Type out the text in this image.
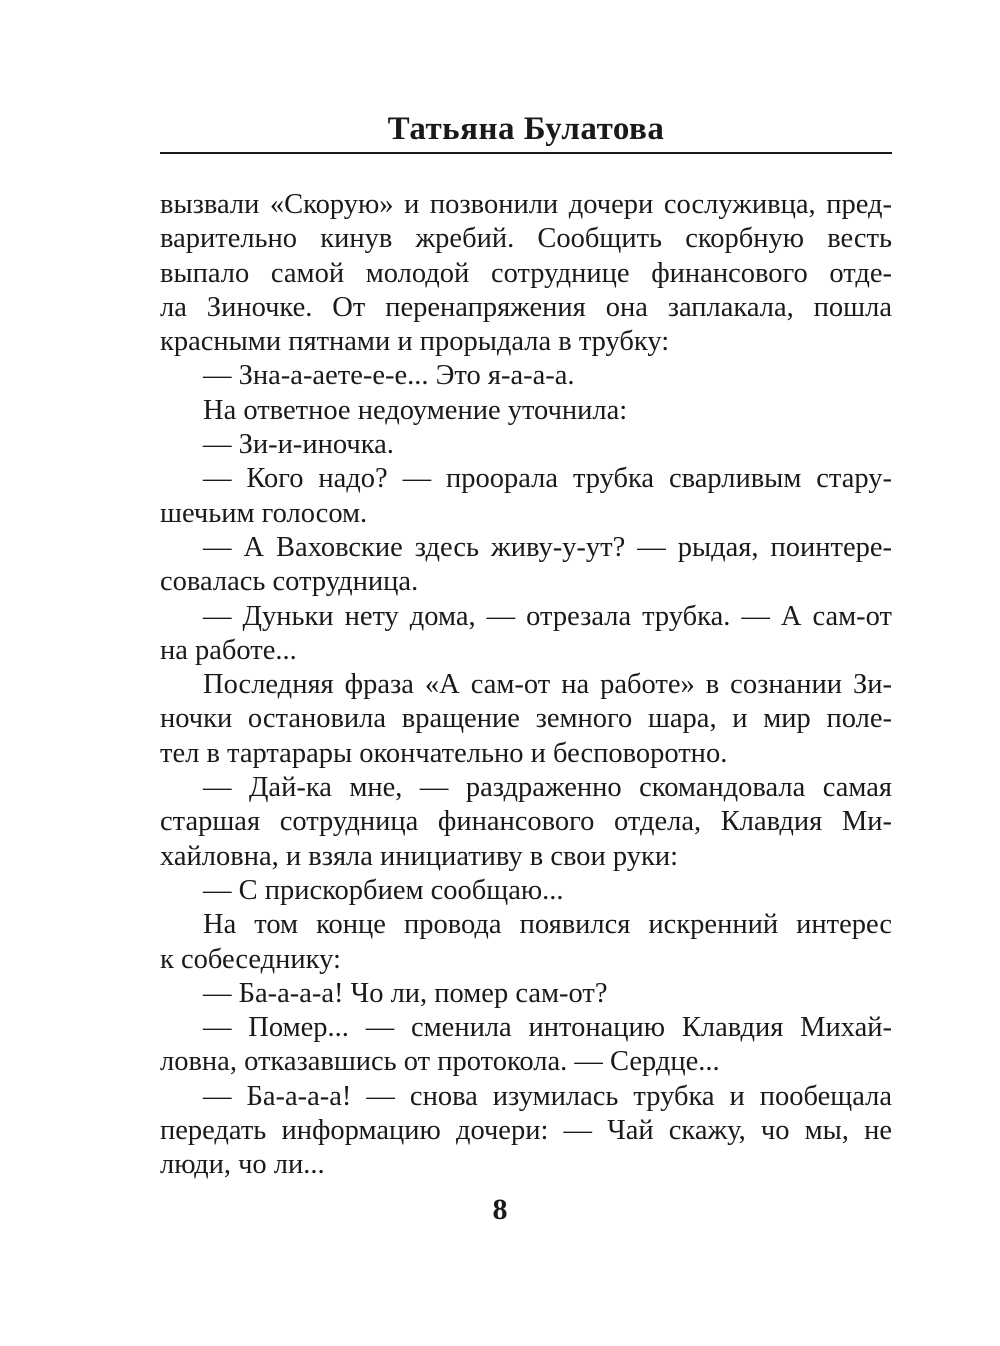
Татьяна Булатова
вызвали «Скорую» и позвонили дочери сослуживца, пред-
варительно кинув жребий. Сообщить скорбную весть
выпало самой молодой сотруднице финансового отде-
ла Зиночке. От перенапряжения она заплакала, пошла
красными пятнами и прорыдала в трубку:
— Зна-а-аете-е-е... Это я-а-а-а.
На ответное недоумение уточнила:
— Зи-и-иночка.
— Кого надо? — проорала трубка сварливым стару-
шечьим голосом.
— А Ваховские здесь живу-у-ут? — рыдая, поинтере-
совалась сотрудница.
— Дуньки нету дома, — отрезала трубка. — А сам-от
на работе...
Последняя фраза «А сам-от на работе» в сознании Зи-
ночки остановила вращение земного шара, и мир поле-
тел в тартарары окончательно и бесповоротно.
— Дай-ка мне, — раздраженно скомандовала самая
старшая сотрудница финансового отдела, Клавдия Ми-
хайловна, и взяла инициативу в свои руки:
— С прискорбием сообщаю...
На том конце провода появился искренний интерес
к собеседнику:
— Ба-а-а-а! Чо ли, помер сам-от?
— Помер... — сменила интонацию Клавдия Михай-
ловна, отказавшись от протокола. — Сердце...
— Ба-а-а-а! — снова изумилась трубка и пообещала
передать информацию дочери: — Чай скажу, чо мы, не
люди, чо ли...
8
